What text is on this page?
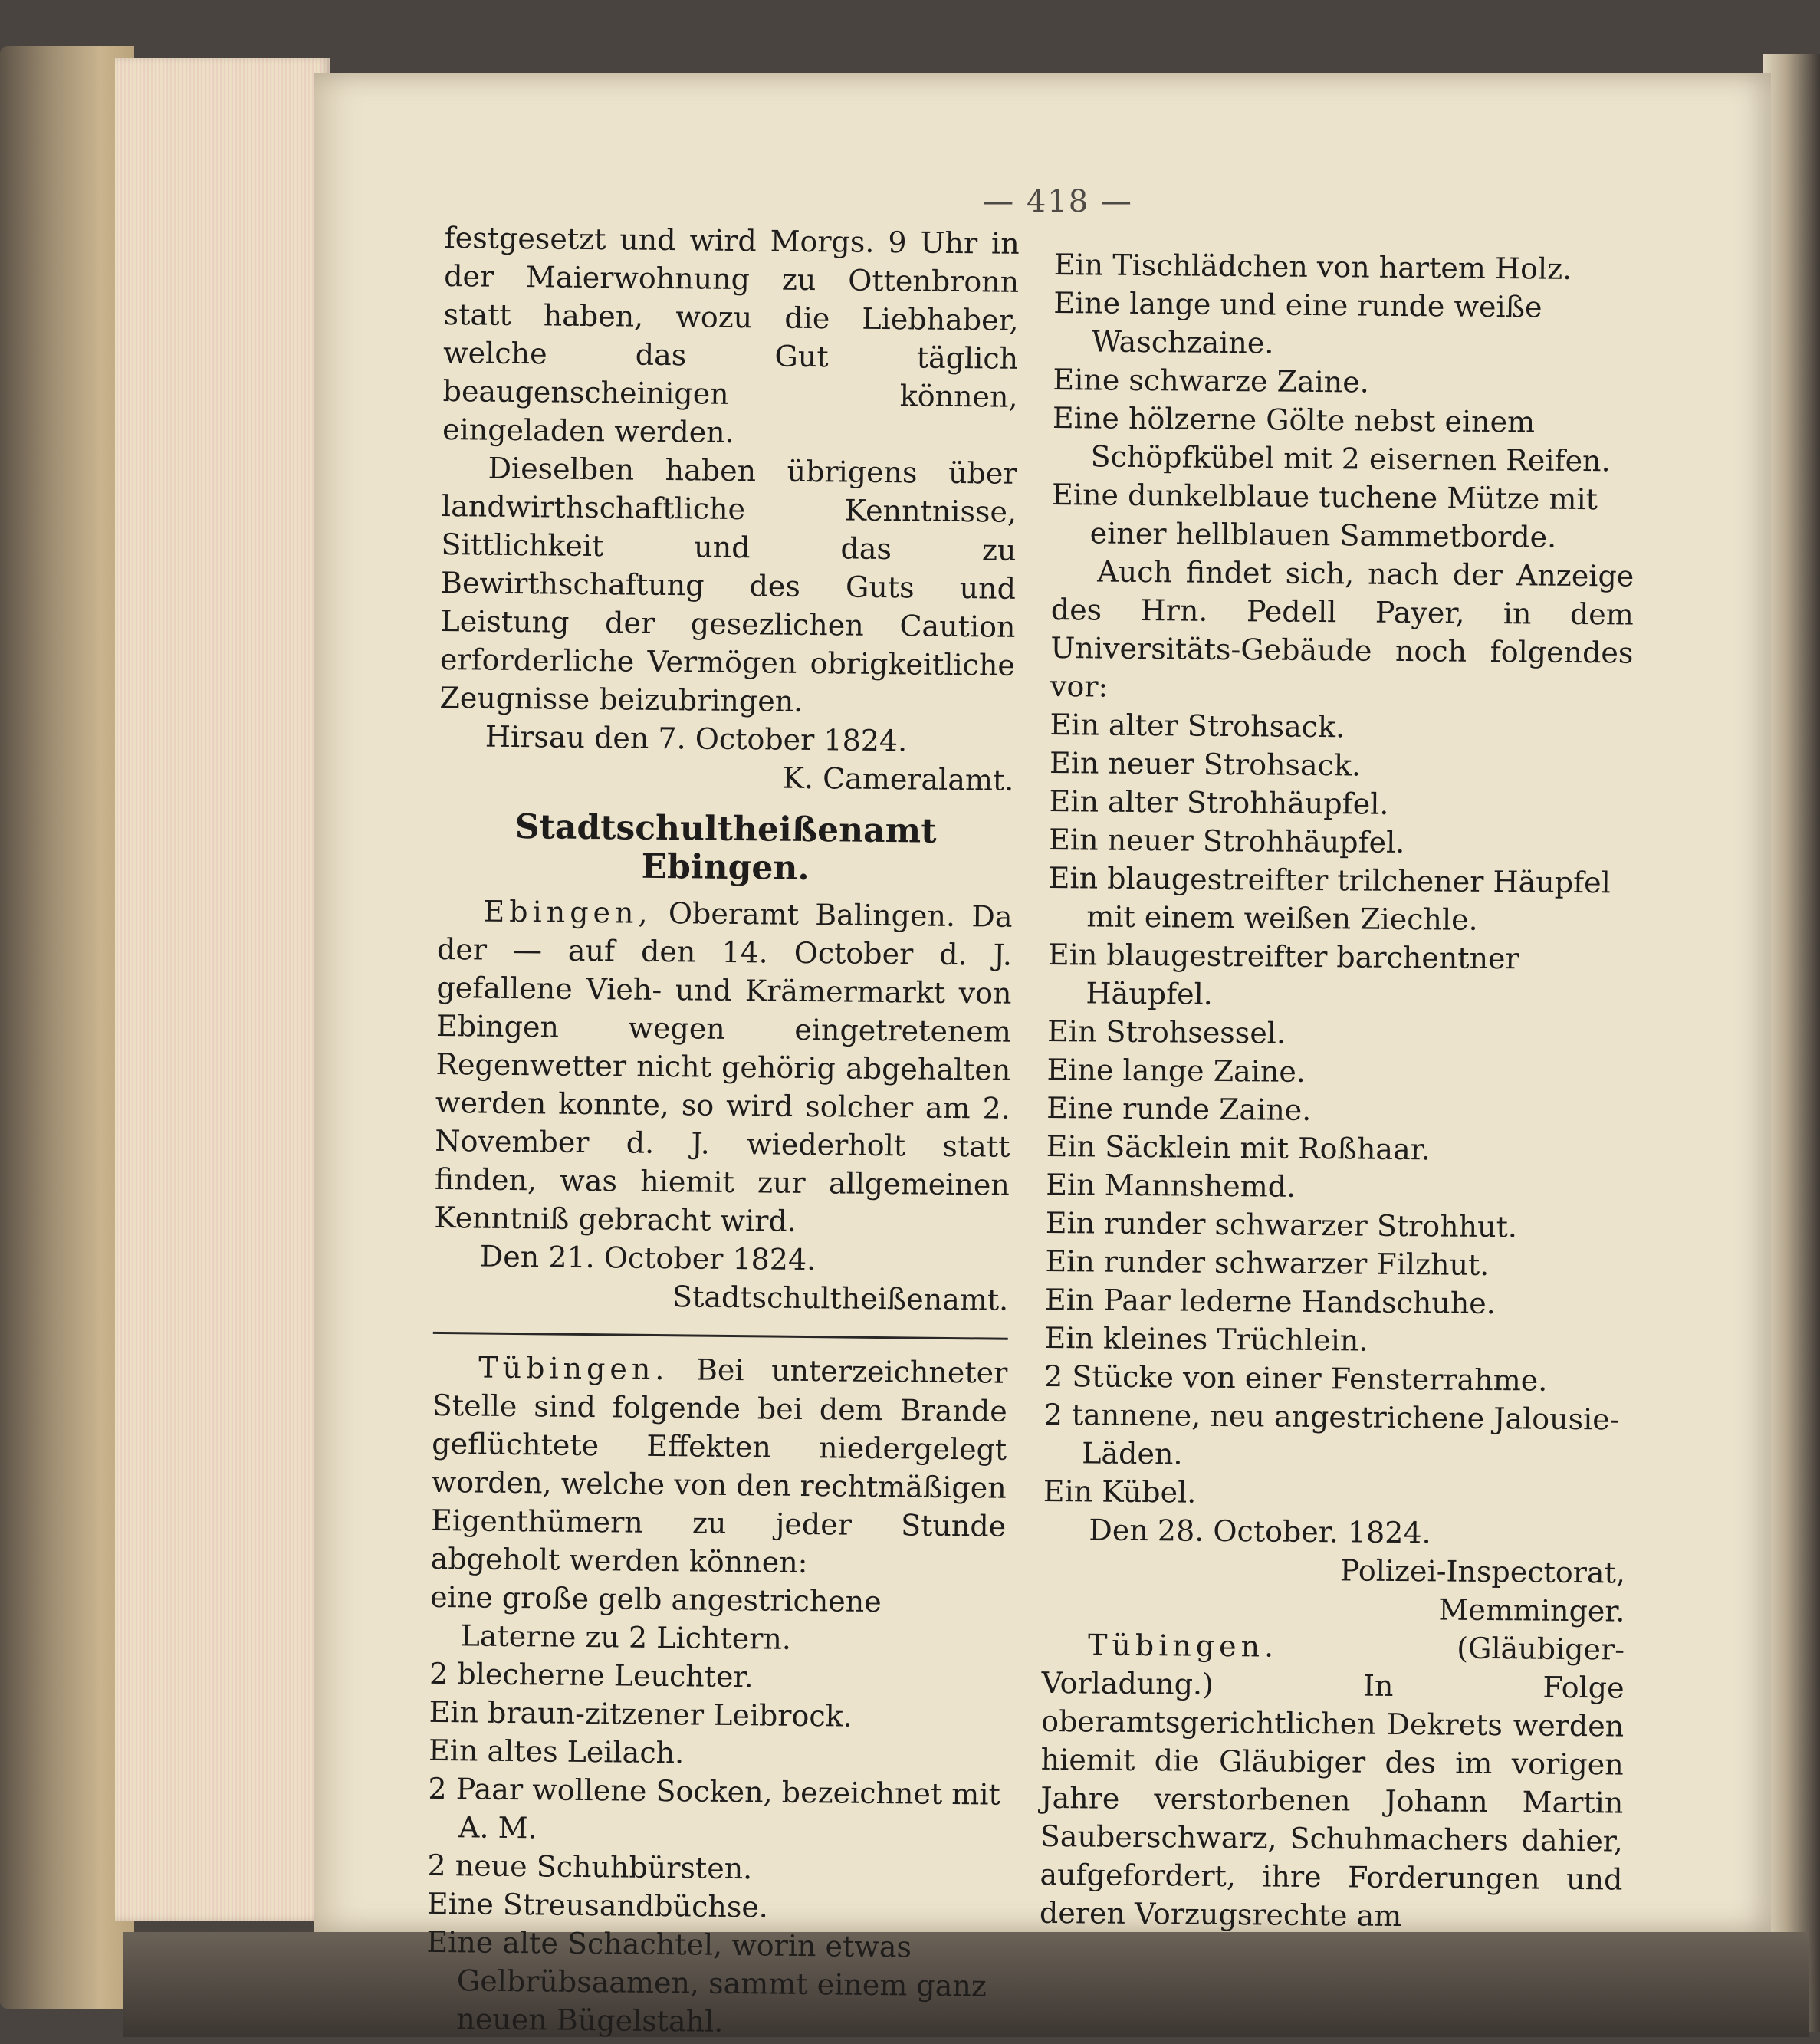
— 418 —

festgesetzt und wird Morgs. 9 Uhr in der Maierwohnung zu Ottenbronn statt haben, wozu die Liebhaber, welche das Gut täglich beaugenscheinigen können, eingeladen werden.

Dieselben haben übrigens über landwirthschaftliche Kenntnisse, Sittlichkeit und das zu Bewirthschaftung des Guts und Leistung der gesezlichen Caution erforderliche Vermögen obrigkeitliche Zeugnisse beizubringen.

Hirsau den 7. October 1824.

K. Cameralamt.

Stadtschultheißenamt Ebingen.

Ebingen, Oberamt Balingen. Da der — auf den 14. October d. J. gefallene Vieh- und Krämermarkt von Ebingen wegen eingetretenem Regenwetter nicht gehörig abgehalten werden konnte, so wird solcher am 2. November d. J. wiederholt statt finden, was hiemit zur allgemeinen Kenntniß gebracht wird.

Den 21. October 1824.

Stadtschultheißenamt.

Tübingen. Bei unterzeichneter Stelle sind folgende bei dem Brande geflüchtete Effekten niedergelegt worden, welche von den rechtmäßigen Eigenthümern zu jeder Stunde abgeholt werden können:

eine große gelb angestrichene Laterne zu 2 Lichtern.

2 blecherne Leuchter.

Ein braun-zitzener Leibrock.

Ein altes Leilach.

2 Paar wollene Socken, bezeichnet mit A. M.

2 neue Schuhbürsten.

Eine Streusandbüchse.

Eine alte Schachtel, worin etwas Gelbrübsaamen, sammt einem ganz neuen Bügelstahl.

Ein Tischlädchen von hartem Holz.

Eine lange und eine runde weiße Waschzaine.

Eine schwarze Zaine.

Eine hölzerne Gölte nebst einem Schöpfkübel mit 2 eisernen Reifen.

Eine dunkelblaue tuchene Mütze mit einer hellblauen Sammetborde.

Auch findet sich, nach der Anzeige des Hrn. Pedell Payer, in dem Universitäts-Gebäude noch folgendes vor:

Ein alter Strohsack.

Ein neuer Strohsack.

Ein alter Strohhäupfel.

Ein neuer Strohhäupfel.

Ein blaugestreifter trilchener Häupfel mit einem weißen Ziechle.

Ein blaugestreifter barchentner Häupfel.

Ein Strohsessel.

Eine lange Zaine.

Eine runde Zaine.

Ein Säcklein mit Roßhaar.

Ein Mannshemd.

Ein runder schwarzer Strohhut.

Ein runder schwarzer Filzhut.

Ein Paar lederne Handschuhe.

Ein kleines Trüchlein.

2 Stücke von einer Fensterrahme.

2 tannene, neu angestrichene Jalousie-Läden.

Ein Kübel.

Den 28. October. 1824.

Polizei-Inspectorat,

Memminger.

Tübingen.	(Gläubiger-Vorladung.)	In Folge oberamtsgerichtlichen Dekrets werden hiemit die Gläubiger des im vorigen Jahre verstorbenen Johann Martin Sauberschwarz, Schuhmachers dahier, aufgefordert, ihre Forderungen und deren Vorzugsrechte am
